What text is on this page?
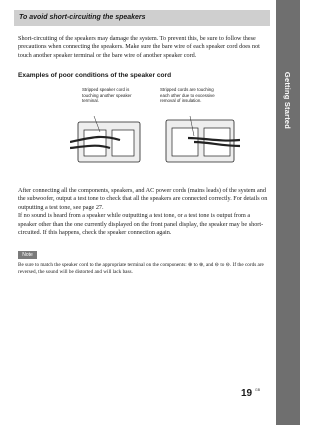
Getting Started
To avoid short-circuiting the speakers

Short-circuiting of the speakers may damage the system. To prevent this, be sure to follow these precautions when connecting the speakers. Make sure the bare wire of each speaker cord does not touch another speaker terminal or the bare wire of another speaker cord.

Examples of poor conditions of the speaker cord
Stripped speaker cord is touching another speaker terminal.
Stripped cords are touching each other due to excessive removal of insulation.

After connecting all the components, speakers, and AC power cords (mains leads) of the system and the subwoofer, output a test tone to check that all the speakers are connected correctly. For details on outputting a test tone, see page 27.

If no sound is heard from a speaker while outputting a test tone, or a test tone is output from a speaker other than the one currently displayed on the front panel display, the speaker may be short-circuited. If this happens, check the speaker connection again.

Note

Be sure to match the speaker cord to the appropriate terminal on the components: ⊕ to ⊕, and ⊖ to ⊖. If the cords are reversed, the sound will be distorted and will lack bass.

19 GB
